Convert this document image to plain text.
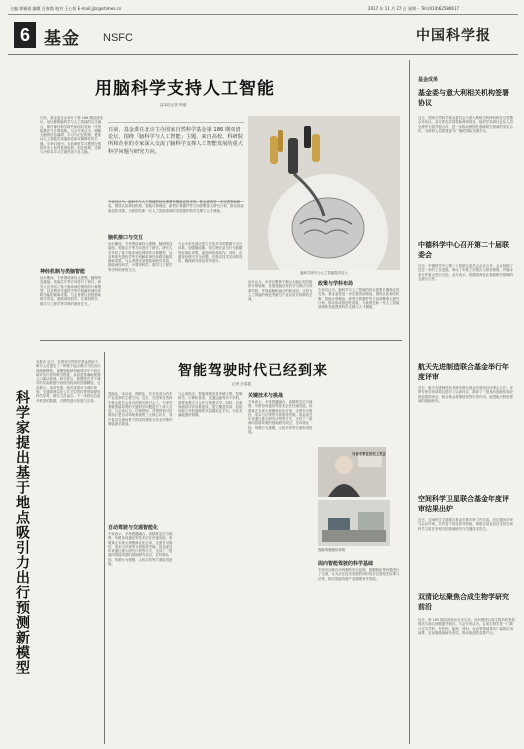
主编 郭雅琦 编辑 汪春霞 校对 王心怡 E-mail:jjzc@stimes.cn	2017 年 11 月 27 日 星期一 Tel:(010)62580617
6 基金 NSFC	中国科学报
用脑科学支持人工智能
邵本桂记者 钟慎
日前，基金委在北京主办国家自然科学基金第 186 期双清论坛，围绕「脑科学与人工智能」主题，来自高校、科研院所和企业的专家深入交流了脑科学支撑人工智能发展的重大科学问题与研究方向。
脑科学研究为人工智能提供启示
日前，基金委在京举办了第 186 期双清论坛。论坛聚焦脑科学与人工智能的交叉融合，探讨神经科学研究如何启发新一代智能算法与计算架构。与会专家认为，理解大脑的信息编码、学习与记忆机制，是推动人工智能实现通用性和可解释性的关键。专家们指出，当前深度学习模型在感知任务上取得显著进展，但在推理、迁移与小样本学习方面仍远不及人脑。
神经机制与类脑智能
论坛期间，专家围绕神经元建模、脑网络连接组、类脑芯片等方向进行了研讨。研究人员介绍了基于脉冲神经网络的计算模型，以及利用光遗传学等手段解析神经环路功能的最新成果。与会者建议加强基础研究布局，鼓励神经科学、计算机科学、数学与工程学等学科的深度交叉。
专家们认为，脑科学与人工智能的结合需要长期稳定的支持。基金委将进一步完善资助格局，围绕认知神经机制、智能计算理论、新型计算器件等方向部署重大研究计划，推动形成原创性成果，为我国在新一代人工智能领域的发展提供科学支撑与人才储备。
脑机接口与交互
论坛期间，专家围绕神经元建模、脑网络连接组、类脑芯片等方向进行了研讨。研究人员介绍了基于脉冲神经网络的计算模型，以及利用光遗传学等手段解析神经环路功能的最新成果。与会者建议加强基础研究布局，鼓励神经科学、计算机科学、数学与工程学等学科的深度交叉。
与会专家还建议建立开放共享的数据与平台体系，加强脑成像、电生理记录与行为数据的标准化采集，促进跨机构协作。同时，应重视伦理与安全问题，在推动技术应用的同时，确保研究规范有序进行。
论坛认为，未来应聚焦于揭示大脑认知功能的计算原理，发展受脑启发的学习算法与体系结构，并探索脑机融合的新途径。这将为人工智能的理论突破与产业应用开辟新的空间。
政策与学科布局
专家们认为，脑科学与人工智能的结合需要长期稳定的支持。基金委将进一步完善资助格局，围绕认知神经机制、智能计算理论、新型计算器件等方向部署重大研究计划，推动形成原创性成果，为我国在新一代人工智能领域的发展提供科学支撑与人才储备。
科学家提出基于地点吸引力出行预测新模型
本报讯 近日，在国家自然科学基金资助下，研究人员提出了一种基于地点吸引力的出行预测新模型。该模型能够刻画城市中不同区域对出行者的吸引程度，从而更准确地预测人口流动规律。研究显示，新模型在多个城市的实际数据中表现出较高的预测精度，且参数少、适用性强。相关成果可为城市规划、交通管理以及公共卫生防控等领域提供科学参考。研究人员表示，下一步将结合更多维度的数据，对模型进行拓展与完善。
智能驾驶时代已经到来
记者 汪春霞
智能化、电动化、网联化、共享化成为汽车产业变革的主要方向。近日，在国家自然科学基金委员会举办的相关研讨会上，专家学者就智能驾驶的关键科学问题进行了深入讨论。与会者认为，环境感知、决策规划与控制执行是自动驾驶系统的三大核心环节，其中复杂交通场景下的实时感知与安全决策仍面临诸多挑战。
自动驾驶与交通智能化
专家表示，多传感器融合、高精度定位与地图、车路协同通信等技术正在快速发展，但要真正实现大规模商业化应用，还需在可靠性、成本与法规等方面取得突破。基金委近年来通过重大研究计划等方式，支持了一批面向智能驾驶的基础研究项目，在环境认知、驾驶行为建模、人机共驾等方面取得进展。
与会者指出，智能驾驶涉及车辆工程、控制科学、计算机视觉、交通运输等多个学科，需要加强交叉合作与资源共享。同时，应重视测试评价体系建设，建立覆盖仿真、封闭场地与开放道路的多层级验证平台，为技术落地提供保障。
关键技术与挑战
专家表示，多传感器融合、高精度定位与地图、车路协同通信等技术正在快速发展，但要真正实现大规模商业化应用，还需在可靠性、成本与法规等方面取得突破。基金委近年来通过重大研究计划等方式，支持了一批面向智能驾驶的基础研究项目，在环境认知、驾驶行为建模、人机共驾等方面取得进展。
与会专家在论坛上发言
智能驾驶测试场景
面向智能驾驶的科学基础
专家们还就自动驾驶的安全伦理、数据隐私等问题进行了交流，认为应在技术发展的同时同步完善相关标准与法规，推动智能驾驶产业健康有序发展。
基金成果
基金委与意大利相关机构签署协议
近日，国家自然科学基金委员会与意大利相关科研机构在京签署合作协议。双方将在共同资助科研项目、组织学术研讨会及人员交流等方面开展合作，进一步推动两国在基础研究领域的务实合作，为科研人员搭建更为广阔的国际交流平台。
中德科学中心召开第二十届联委会
近日，中德科学中心第二十届联合委员会会议召开。会议回顾了过去一年的工作进展，审议了年度工作报告与财务预算，并就未来合作重点进行讨论。双方表示，将继续深化在基础研究领域的交流与合作。
航天先进制造联合基金举行年度评审
近日，航天先进制造技术研究联合基金年度项目评审会召开。评审专家对申请项目进行了认真评议，推荐了一批具有创新性和应用前景的项目，联合基金将继续发挥引导作用，促进航天制造领域的基础研究。
空间科学卫星联合基金年度评审结果出炉
近日，空间科学卫星联合基金年度评审工作完成。经过通讯评审与会议评审，共有若干项目获得资助。该联合基金旨在支持空间科学卫星任务相关的基础研究与关键技术攻关。
双清论坛聚焦合成生物学研究前沿
近日，第 185 期双清论坛在京召开。论坛围绕合成生物学的发展现状与前沿问题展开研讨。与会专家认为，合成生物学是一门新兴交叉学科，在医药、能源、材料、农业等领域具有广阔的应用前景，应加强基础研究布局，推动原创性成果产出。
